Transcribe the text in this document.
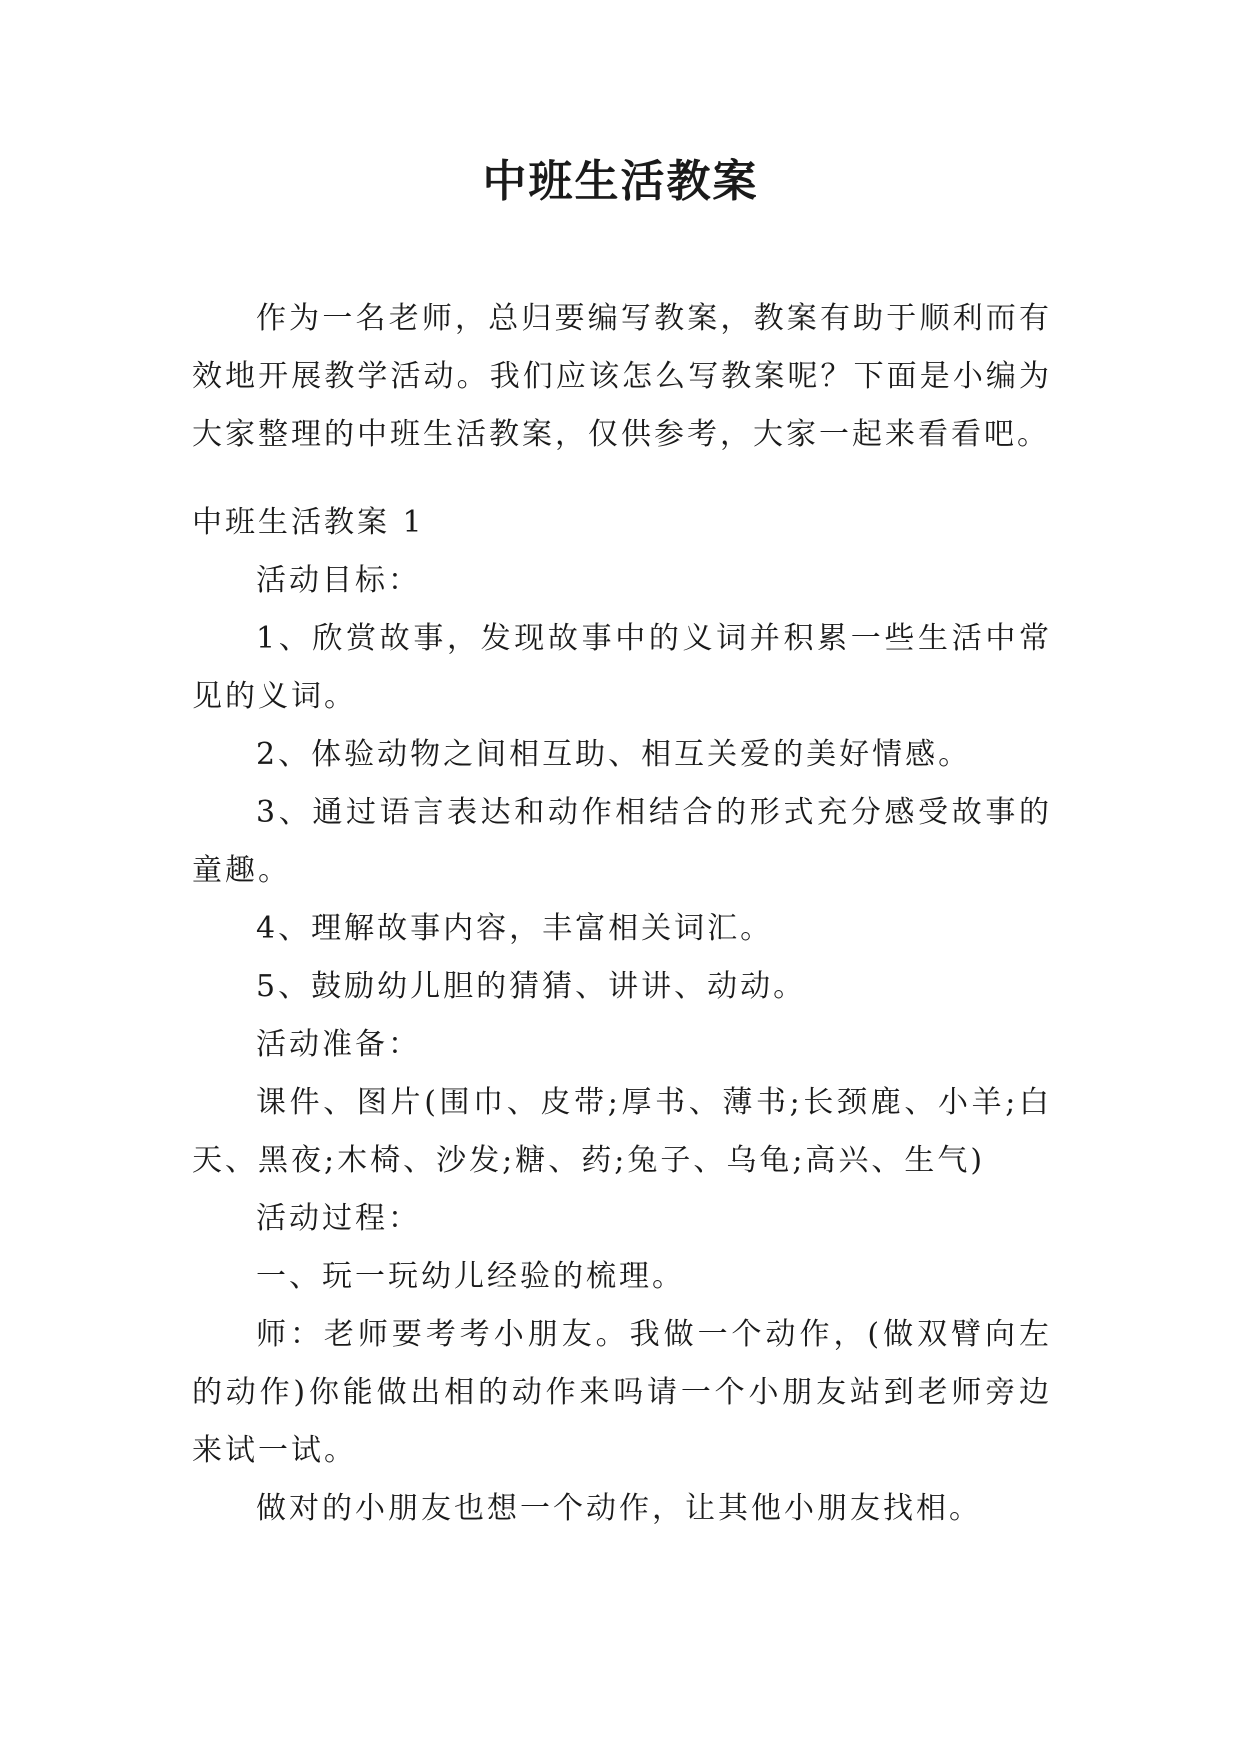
中班生活教案

作为一名老师，总归要编写教案，教案有助于顺利而有效地开展教学活动。我们应该怎么写教案呢？下面是小编为大家整理的中班生活教案，仅供参考，大家一起来看看吧。

中班生活教案 1

活动目标：

1、欣赏故事，发现故事中的义词并积累一些生活中常见的义词。

2、体验动物之间相互助、相互关爱的美好情感。

3、通过语言表达和动作相结合的形式充分感受故事的童趣。

4、理解故事内容，丰富相关词汇。

5、鼓励幼儿胆的猜猜、讲讲、动动。

活动准备：

课件、图片(围巾、皮带;厚书、薄书;长颈鹿、小羊;白天、黑夜;木椅、沙发;糖、药;兔子、乌龟;高兴、生气)

活动过程：

一、玩一玩幼儿经验的梳理。

师：老师要考考小朋友。我做一个动作，(做双臂向左的动作)你能做出相的动作来吗请一个小朋友站到老师旁边来试一试。

做对的小朋友也想一个动作，让其他小朋友找相。
